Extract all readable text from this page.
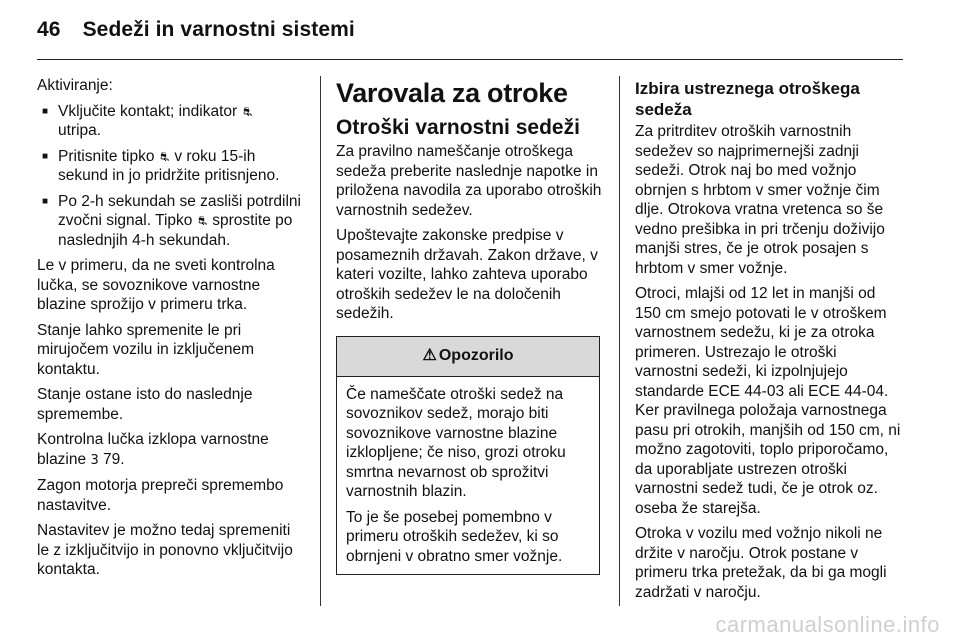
46 Sedeži in varnostni sistemi

Aktiviranje:

■ Vključite kontakt; indikator ⛐
utripa.
■ Pritisnite tipko ⛐ v roku 15-ih sekund in jo pridržite pritisnjeno.
■ Po 2-h sekundah se zasliši potrdilni zvočni signal. Tipko ⛐ sprostite po naslednjih 4-h sekundah.

Le v primeru, da ne sveti kontrolna lučka, se sovoznikove varnostne blazine sprožijo v primeru trka.

Stanje lahko spremenite le pri mirujočem vozilu in izključenem kontaktu.

Stanje ostane isto do naslednje spremembe.

Kontrolna lučka izklopa varnostne blazine 3 79.

Zagon motorja prepreči spremembo nastavitve.

Nastavitev je možno tedaj spremeniti le z izključitvijo in ponovno vključitvijo kontakta.

Varovala za otroke
Otroški varnostni sedeži

Za pravilno nameščanje otroškega sedeža preberite naslednje napotke in priložena navodila za uporabo otroških varnostnih sedežev.

Upoštevajte zakonske predpise v posameznih državah. Zakon države, v kateri vozilte, lahko zahteva uporabo otroških sedežev le na določenih sedežih.

⚠ Opozorilo

Če nameščate otroški sedež na sovoznikov sedež, morajo biti sovoznikove varnostne blazine izklopljene; če niso, grozi otroku smrtna nevarnost ob sprožitvi varnostnih blazin.

To je še posebej pomembno v primeru otroških sedežev, ki so obrnjeni v obratno smer vožnje.

Izbira ustreznega otroškega sedeža

Za pritrditev otroških varnostnih sedežev so najprimernejši zadnji sedeži. Otrok naj bo med vožnjo obrnjen s hrbtom v smer vožnje čim dlje. Otrokova vratna vretenca so še vedno prešibka in pri trčenju doživijo manjši stres, če je otrok posajen s hrbtom v smer vožnje.

Otroci, mlajši od 12 let in manjši od 150 cm smejo potovati le v otroškem varnostnem sedežu, ki je za otroka primeren. Ustrezajo le otroški varnostni sedeži, ki izpolnjujejo standarde ECE 44-03 ali ECE 44-04. Ker pravilnega položaja varnostnega pasu pri otrokih, manjših od 150 cm, ni možno zagotoviti, toplo priporočamo, da uporabljate ustrezen otroški varnostni sedež tudi, če je otrok oz. oseba že starejša.

Otroka v vozilu med vožnjo nikoli ne držite v naročju. Otrok postane v primeru trka pretežak, da bi ga mogli zadržati v naročju.

carmanualsonline.info
